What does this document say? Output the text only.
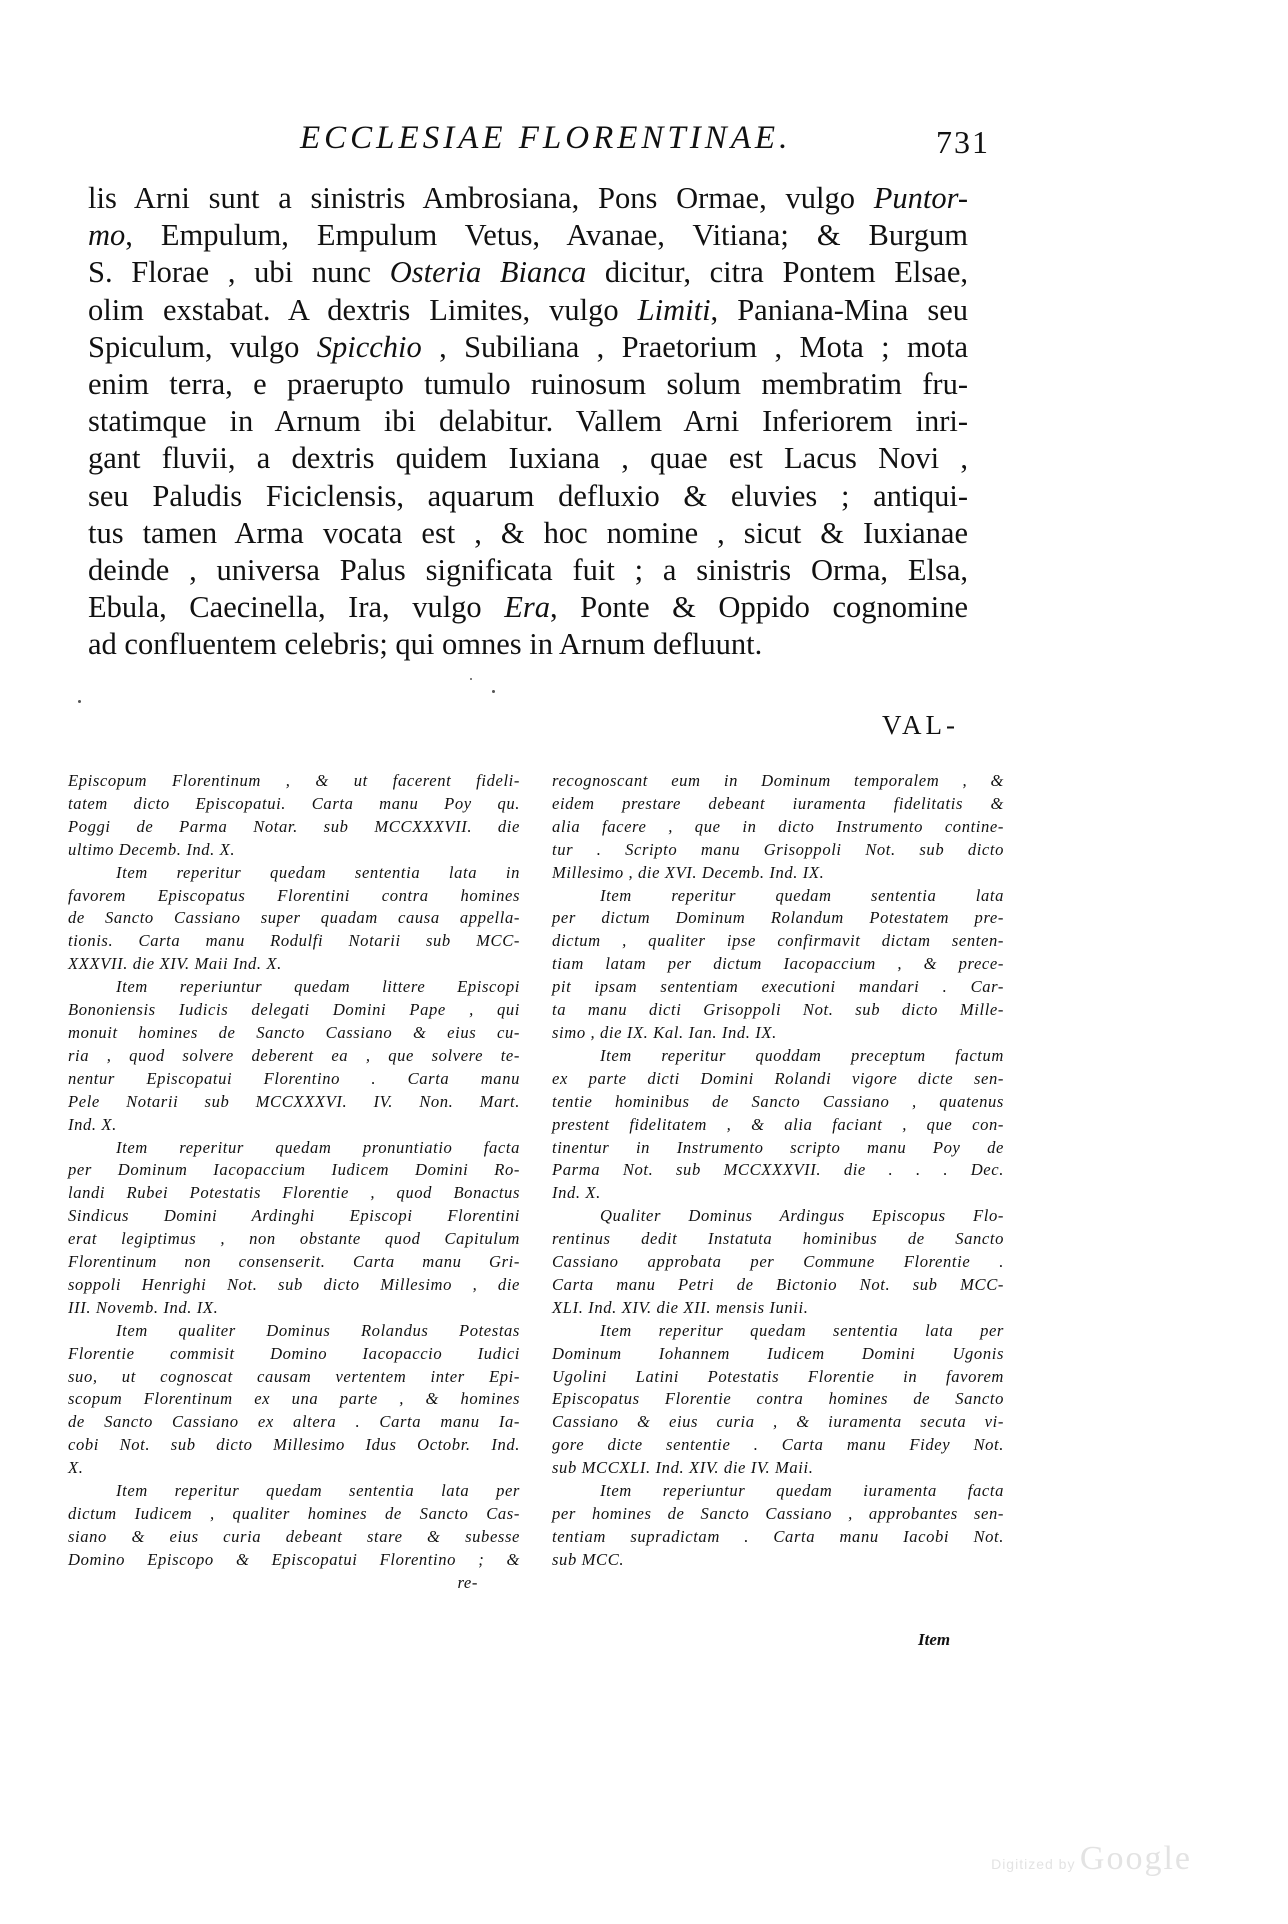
ECCLESIAE FLORENTINAE.	731
lis Arni sunt a sinistris Ambrosiana, Pons Ormae, vulgo Puntor-
mo, Empulum, Empulum Vetus, Avanae, Vitiana; & Burgum
S. Florae , ubi nunc Osteria Bianca dicitur, citra Pontem Elsae,
olim exstabat. A dextris Limites, vulgo Limiti, Paniana-Mina seu
Spiculum, vulgo Spicchio , Subiliana , Praetorium , Mota ; mota
enim terra, e praerupto tumulo ruinosum solum membratim fru-
statimque in Arnum ibi delabitur. Vallem Arni Inferiorem inri-
gant fluvii, a dextris quidem Iuxiana , quae est Lacus Novi ,
seu Paludis Ficiclensis, aquarum defluxio & eluvies ; antiqui-
tus tamen Arma vocata est , & hoc nomine , sicut & Iuxianae
deinde , universa Palus significata fuit ; a sinistris Orma, Elsa,
Ebula, Caecinella, Ira, vulgo Era, Ponte & Oppido cognomine
ad confluentem celebris; qui omnes in Arnum defluunt.
VAL-

Episcopum Florentinum , & ut facerent fideli-
tatem dicto Episcopatui. Carta manu Poy qu.
Poggi de Parma Notar. sub MCCXXXVII. die
ultimo Decemb. Ind. X.

Item reperitur quedam sententia lata in
favorem Episcopatus Florentini contra homines
de Sancto Cassiano super quadam causa appella-
tionis. Carta manu Rodulfi Notarii sub MCC-
XXXVII. die XIV. Maii Ind. X.

Item reperiuntur quedam littere Episcopi
Bononiensis Iudicis delegati Domini Pape , qui
monuit homines de Sancto Cassiano & eius cu-
ria , quod solvere deberent ea , que solvere te-
nentur Episcopatui Florentino . Carta manu
Pele Notarii sub MCCXXXVI. IV. Non. Mart.
Ind. X.

Item reperitur quedam pronuntiatio facta
per Dominum Iacopaccium Iudicem Domini Ro-
landi Rubei Potestatis Florentie , quod Bonactus
Sindicus Domini Ardinghi Episcopi Florentini
erat legiptimus , non obstante quod Capitulum
Florentinum non consenserit. Carta manu Gri-
soppoli Henrighi Not. sub dicto Millesimo , die
III. Novemb. Ind. IX.

Item qualiter Dominus Rolandus Potestas
Florentie commisit Domino Iacopaccio Iudici
suo, ut cognoscat causam vertentem inter Epi-
scopum Florentinum ex una parte , & homines
de Sancto Cassiano ex altera . Carta manu Ia-
cobi Not. sub dicto Millesimo Idus Octobr. Ind.
X.

Item reperitur quedam sententia lata per
dictum Iudicem , qualiter homines de Sancto Cas-
siano & eius curia debeant stare & subesse
Domino Episcopo & Episcopatui Florentino ; &
re-

recognoscant eum in Dominum temporalem , &
eidem prestare debeant iuramenta fidelitatis &
alia facere , que in dicto Instrumento contine-
tur . Scripto manu Grisoppoli Not. sub dicto
Millesimo , die XVI. Decemb. Ind. IX.

Item reperitur quedam sententia lata
per dictum Dominum Rolandum Potestatem pre-
dictum , qualiter ipse confirmavit dictam senten-
tiam latam per dictum Iacopaccium , & prece-
pit ipsam sententiam executioni mandari . Car-
ta manu dicti Grisoppoli Not. sub dicto Mille-
simo , die IX. Kal. Ian. Ind. IX.

Item reperitur quoddam preceptum factum
ex parte dicti Domini Rolandi vigore dicte sen-
tentie hominibus de Sancto Cassiano , quatenus
prestent fidelitatem , & alia faciant , que con-
tinentur in Instrumento scripto manu Poy de
Parma Not. sub MCCXXXVII. die . . . Dec.
Ind. X.

Qualiter Dominus Ardingus Episcopus Flo-
rentinus dedit Instatuta hominibus de Sancto
Cassiano approbata per Commune Florentie .
Carta manu Petri de Bictonio Not. sub MCC-
XLI. Ind. XIV. die XII. mensis Iunii.

Item reperitur quedam sententia lata per
Dominum Iohannem Iudicem Domini Ugonis
Ugolini Latini Potestatis Florentie in favorem
Episcopatus Florentie contra homines de Sancto
Cassiano & eius curia , & iuramenta secuta vi-
gore dicte sententie . Carta manu Fidey Not.
sub MCCXLI. Ind. XIV. die IV. Maii.

Item reperiuntur quedam iuramenta facta
per homines de Sancto Cassiano , approbantes sen-
tentiam supradictam . Carta manu Iacobi Not.
sub MCC.

Item
Digitized by Google
